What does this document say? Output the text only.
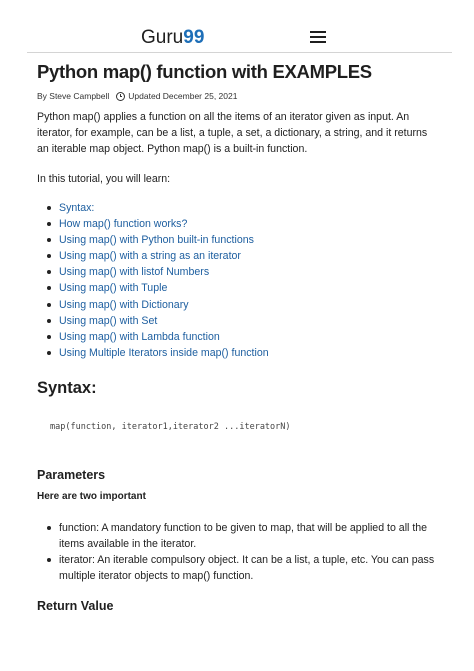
Guru99
Python map() function with EXAMPLES
By Steve Campbell Updated December 25, 2021

Python map() applies a function on all the items of an iterator given as input. An iterator, for example, can be a list, a tuple, a set, a dictionary, a string, and it returns an iterable map object. Python map() is a built-in function.

In this tutorial, you will learn:

Syntax:
How map() function works?
Using map() with Python built-in functions
Using map() with a string as an iterator
Using map() with listof Numbers
Using map() with Tuple
Using map() with Dictionary
Using map() with Set
Using map() with Lambda function
Using Multiple Iterators inside map() function
Syntax:
map(function, iterator1,iterator2 ...iteratorN)
Parameters
Here are two important
function: A mandatory function to be given to map, that will be applied to all the items available in the iterator.
iterator: An iterable compulsory object. It can be a list, a tuple, etc. You can pass multiple iterator objects to map() function.
Return Value
